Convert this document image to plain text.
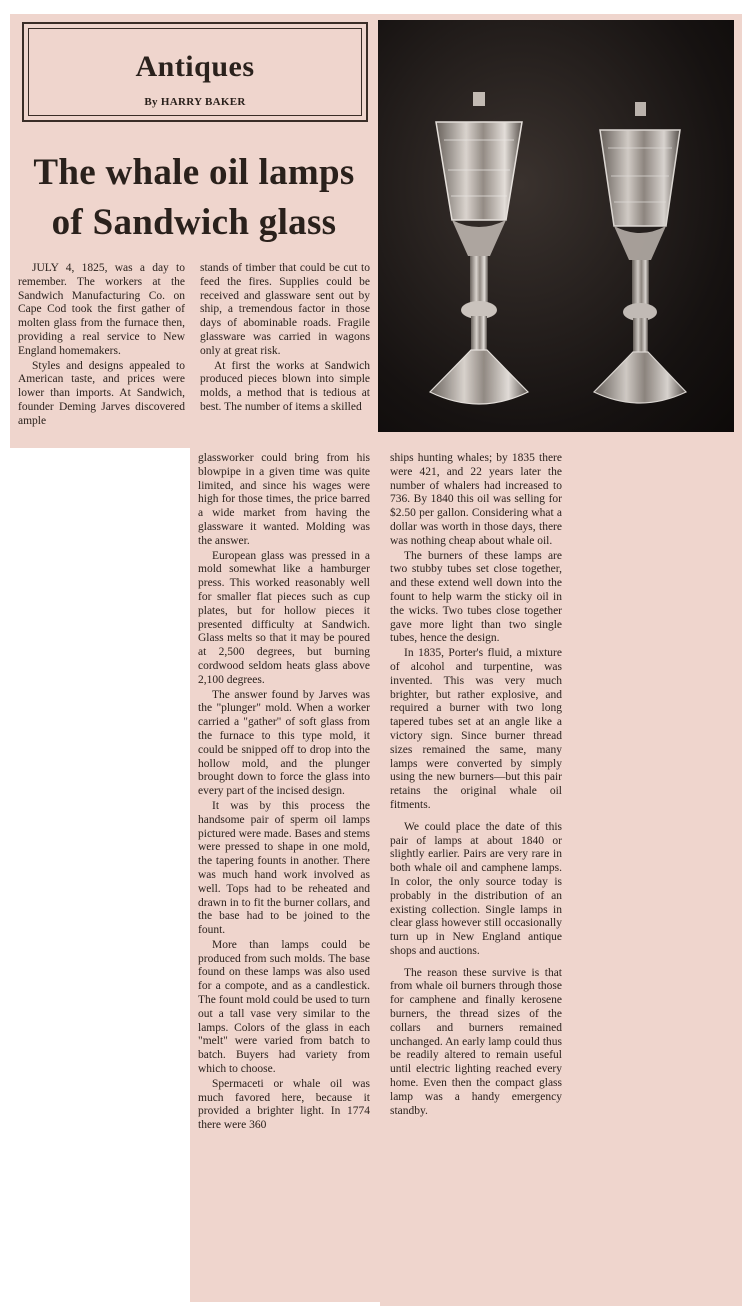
Antiques
By HARRY BAKER
The whale oil lamps of Sandwich glass

JULY 4, 1825, was a day to remember. The workers at the Sandwich Manufacturing Co. on Cape Cod took the first gather of molten glass from the furnace then, providing a real service to New England homemakers.

Styles and designs appealed to American taste, and prices were lower than imports. At Sandwich, founder Deming Jarves discovered ample

stands of timber that could be cut to feed the fires. Supplies could be received and glassware sent out by ship, a tremendous factor in those days of abominable roads. Fragile glassware was carried in wagons only at great risk.

At first the works at Sandwich produced pieces blown into simple molds, a method that is tedious at best. The number of items a skilled

glassworker could bring from his blowpipe in a given time was quite limited, and since his wages were high for those times, the price barred a wide market from having the glassware it wanted. Molding was the answer.

European glass was pressed in a mold somewhat like a hamburger press. This worked reasonably well for smaller flat pieces such as cup plates, but for hollow pieces it presented difficulty at Sandwich. Glass melts so that it may be poured at 2,500 degrees, but burning cordwood seldom heats glass above 2,100 degrees.

The answer found by Jarves was the "plunger" mold. When a worker carried a "gather" of soft glass from the furnace to this type mold, it could be snipped off to drop into the hollow mold, and the plunger brought down to force the glass into every part of the incised design.

It was by this process the handsome pair of sperm oil lamps pictured were made. Bases and stems were pressed to shape in one mold, the tapering founts in another. There was much hand work involved as well. Tops had to be reheated and drawn in to fit the burner collars, and the base had to be joined to the fount.

More than lamps could be produced from such molds. The base found on these lamps was also used for a compote, and as a candlestick. The fount mold could be used to turn out a tall vase very similar to the lamps. Colors of the glass in each "melt" were varied from batch to batch. Buyers had variety from which to choose.

Spermaceti or whale oil was much favored here, because it provided a brighter light. In 1774 there were 360

ships hunting whales; by 1835 there were 421, and 22 years later the number of whalers had increased to 736. By 1840 this oil was selling for $2.50 per gallon. Considering what a dollar was worth in those days, there was nothing cheap about whale oil.

The burners of these lamps are two stubby tubes set close together, and these extend well down into the fount to help warm the sticky oil in the wicks. Two tubes close together gave more light than two single tubes, hence the design.

In 1835, Porter's fluid, a mixture of alcohol and turpentine, was invented. This was very much brighter, but rather explosive, and required a burner with two long tapered tubes set at an angle like a victory sign. Since burner thread sizes remained the same, many lamps were converted by simply using the new burners—but this pair retains the original whale oil fitments.

We could place the date of this pair of lamps at about 1840 or slightly earlier. Pairs are very rare in both whale oil and camphene lamps. In color, the only source today is probably in the distribution of an existing collection. Single lamps in clear glass however still occasionally turn up in New England antique shops and auctions.

The reason these survive is that from whale oil burners through those for camphene and finally kerosene burners, the thread sizes of the collars and burners remained unchanged. An early lamp could thus be readily altered to remain useful until electric lighting reached every home. Even then the compact glass lamp was a handy emergency standby.
